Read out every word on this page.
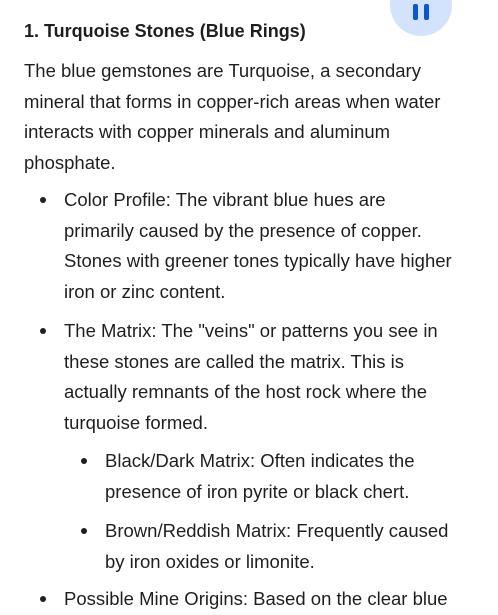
1. Turquoise Stones (Blue Rings)
The blue gemstones are Turquoise, a secondary
mineral that forms in copper-rich areas when water
interacts with copper minerals and aluminum
phosphate.
Color Profile: The vibrant blue hues are
primarily caused by the presence of copper.
Stones with greener tones typically have higher
iron or zinc content.
The Matrix: The "veins" or patterns you see in
these stones are called the matrix. This is
actually remnants of the host rock where the
turquoise formed.
Black/Dark Matrix: Often indicates the
presence of iron pyrite or black chert.
Brown/Reddish Matrix: Frequently caused
by iron oxides or limonite.
Possible Mine Origins: Based on the clear blue
